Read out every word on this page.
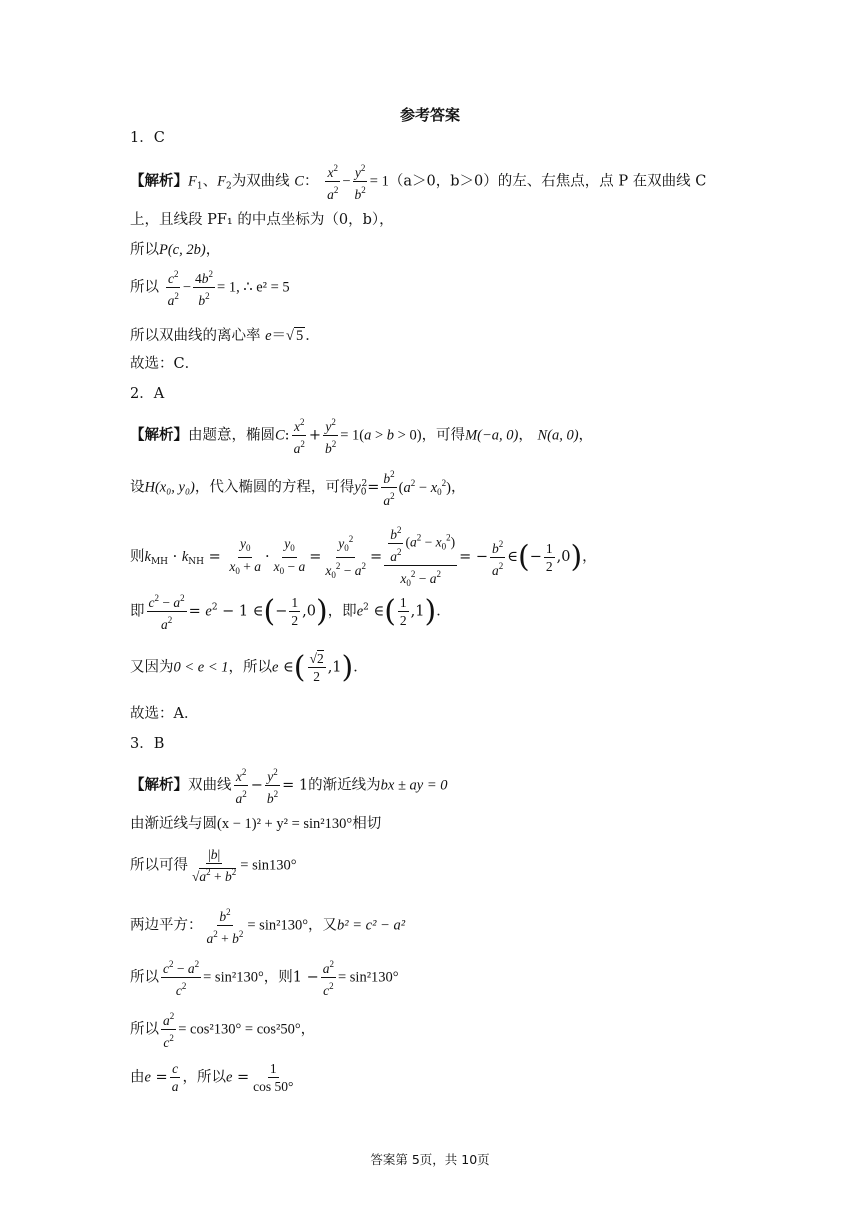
参考答案
1．C
【解析】$F_1$、$F_2$为双曲线 C： $\frac{x^2}{a^2} - \frac{y^2}{b^2} = 1(a>0$，b＞0）的左、右焦点，点 P 在双曲线 C
上，且线段 PF₁ 的中点坐标为（0，b），
所以P(c, 2b)，
所以 $\frac{c^2}{a^2} - \frac{4b^2}{b^2} = 1$, ∴ e² = 5
所以双曲线的离心率 e＝√ 5 ．
故选：C．
2．A
【解析】由题意，椭圆C: $\frac{x^2}{a^2} + \frac{y^2}{b^2} = 1(a > b > 0)$，可得M(−a, 0)， N(a, 0)，
设H(x₀, y₀)，代入椭圆的方程，可得$y_0^2= \frac{b^2}{a^2} (a^2 - x_0^2)$，
则$k_{MH} \cdot k_{NH} = \frac{y_0}{x_0 + a} \cdot \frac{y_0}{x_0 - a} = \frac{y_0^2}{x_0^2 - a^2} = \frac{\frac{b^2}{a^2} (a^2 - x_0^2)}{x_0^2 - a^2}$ = − $\frac{b^2}{a^2}$ ∈(− $\frac{1}{2} ,0$)，
即 $\frac{c^2 - a^2}{a^2} = e^2 - 1$ ∈(− $\frac{1}{2} ,0$)，即$e^2$ ∈( $\frac{1}{2} ,1$)．
又因为0 < e < 1，所以e ∈( $\frac{√2}{2} ,1$)．
故选：A．
3．B
【解析】双曲线 $\frac{x^2}{a^2} - \frac{y^2}{b^2} = 1$的渐近线为bx ± ay = 0
由渐近线与圆(x − 1)² + y² = sin²130°相切
所以可得 $\frac{|b|}{√a^2 + b^2} = \sin 130^\circ$
两边平方： $\frac{b^2}{a^2 + b^2} = \sin^2130^\circ$，又b² = c² − a²
所以 $\frac{c^2 - a^2}{c^2} = \sin^2130^\circ$，则$1 - \frac{a^2}{c^2} = \sin^2130^\circ$
所以 $\frac{a^2}{c^2} = \cos^2130^\circ = \cos^250^\circ$，
由$e = \frac{c}{a}$ ，所以$e = \frac{1}{\cos 50^\circ}$
答案第 5页，共 10页
